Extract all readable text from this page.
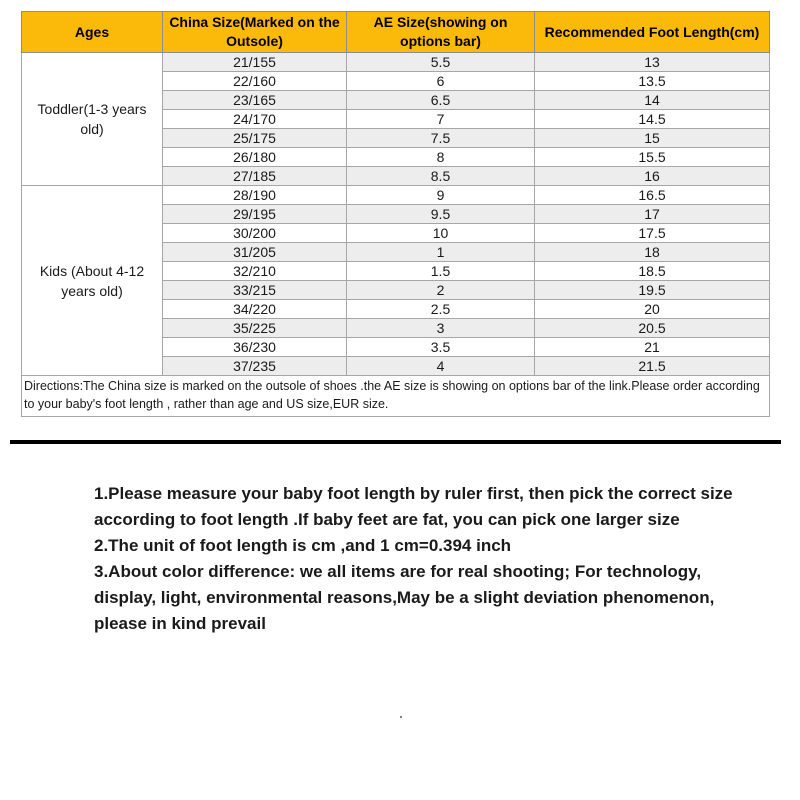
Ages	China Size(Marked on the Outsole)	AE Size(showing on options bar)	Recommended Foot Length(cm)
Toddler(1-3 years old)	21/155	5.5	13
	22/160	6	13.5
	23/165	6.5	14
	24/170	7	14.5
	25/175	7.5	15
	26/180	8	15.5
	27/185	8.5	16
Kids (About 4-12 years old)	28/190	9	16.5
	29/195	9.5	17
	30/200	10	17.5
	31/205	1	18
	32/210	1.5	18.5
	33/215	2	19.5
	34/220	2.5	20
	35/225	3	20.5
	36/230	3.5	21
	37/235	4	21.5
Directions:The China size is marked on the outsole of shoes .the AE size is showing on options bar of the link.Please order according to your baby's foot length , rather than age and US size,EUR size.			

1.Please measure your baby foot length by ruler first, then pick the correct size according to foot length .If baby feet are fat, you can pick one larger size

2.The unit of foot length is cm ,and 1 cm=0.394 inch

3.About color difference: we all items are for real shooting; For technology, display, light, environmental reasons,May be a slight deviation phenomenon, please in kind prevail
